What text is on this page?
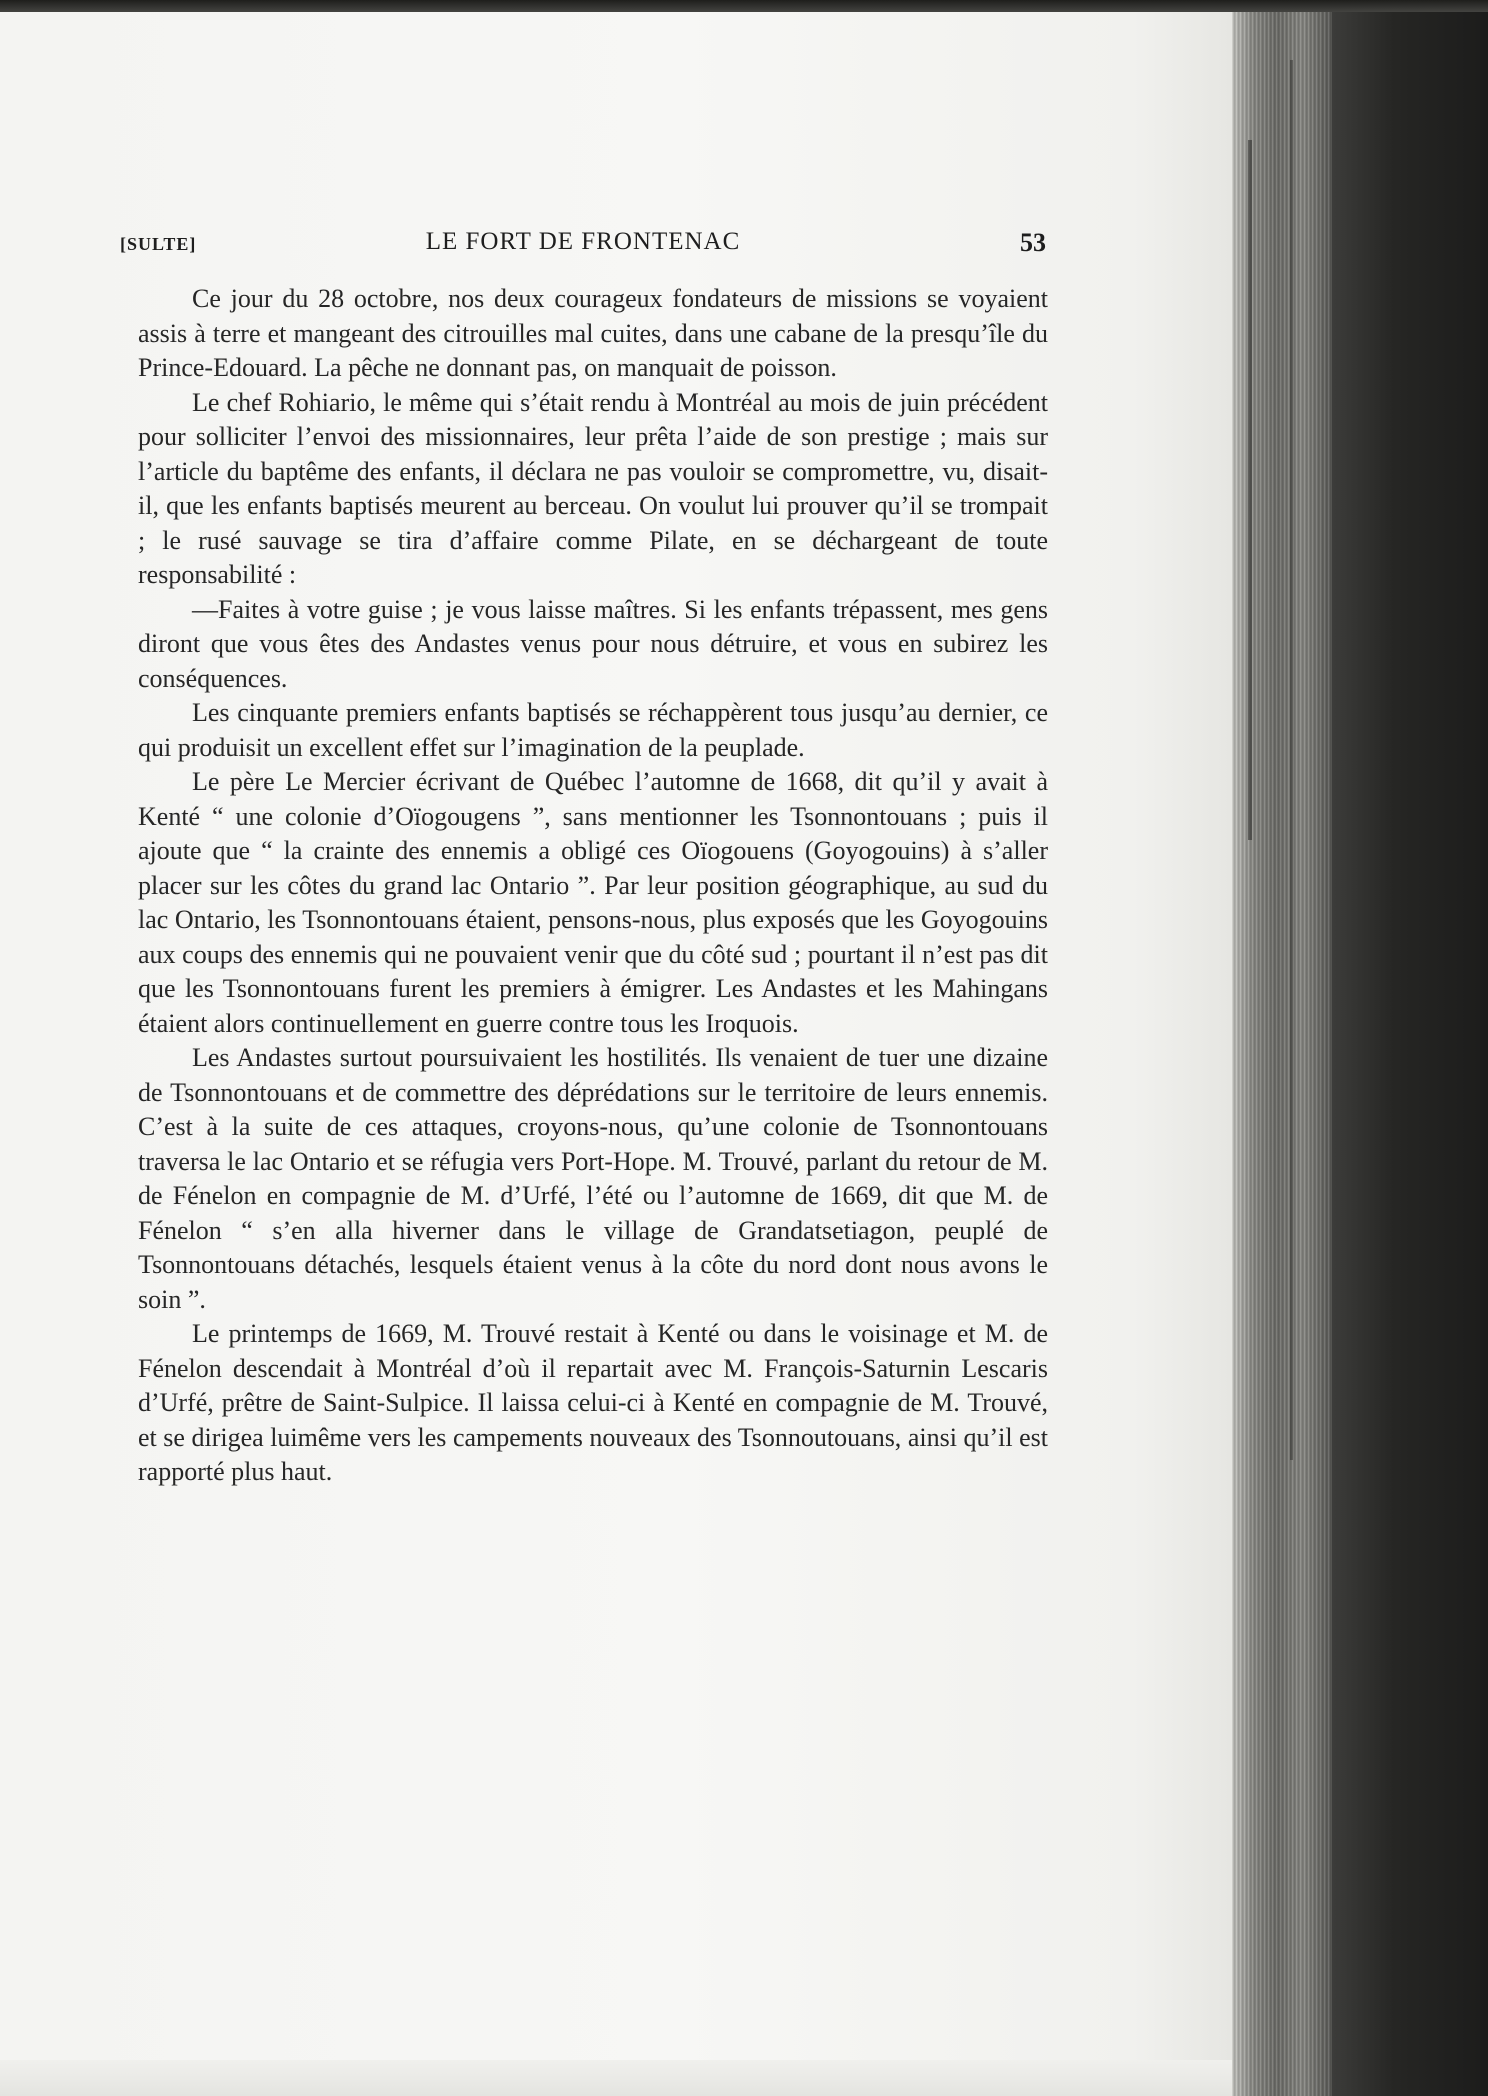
[SULTE]	LE FORT DE FRONTENAC	53

Ce jour du 28 octobre, nos deux courageux fondateurs de missions se voyaient assis à terre et mangeant des citrouilles mal cuites, dans une cabane de la presqu’île du Prince-Edouard. La pêche ne donnant pas, on manquait de poisson.

Le chef Rohiario, le même qui s’était rendu à Montréal au mois de juin précédent pour solliciter l’envoi des missionnaires, leur prêta l’aide de son prestige ; mais sur l’article du baptême des enfants, il déclara ne pas vouloir se compromettre, vu, disait-il, que les enfants baptisés meurent au berceau. On voulut lui prouver qu’il se trompait ; le rusé sauvage se tira d’affaire comme Pilate, en se déchargeant de toute responsabilité :

—Faites à votre guise ; je vous laisse maîtres. Si les enfants trépassent, mes gens diront que vous êtes des Andastes venus pour nous détruire, et vous en subirez les conséquences.

Les cinquante premiers enfants baptisés se réchappèrent tous jusqu’au dernier, ce qui produisit un excellent effet sur l’imagination de la peuplade.

Le père Le Mercier écrivant de Québec l’automne de 1668, dit qu’il y avait à Kenté “ une colonie d’Oïogougens ”, sans mentionner les Tsonnontouans ; puis il ajoute que “ la crainte des ennemis a obligé ces Oïogouens (Goyogouins) à s’aller placer sur les côtes du grand lac Ontario ”. Par leur position géographique, au sud du lac Ontario, les Tsonnontouans étaient, pensons-nous, plus exposés que les Goyogouins aux coups des ennemis qui ne pouvaient venir que du côté sud ; pourtant il n’est pas dit que les Tsonnontouans furent les premiers à émigrer. Les Andastes et les Mahingans étaient alors continuellement en guerre contre tous les Iroquois.

Les Andastes surtout poursuivaient les hostilités. Ils venaient de tuer une dizaine de Tsonnontouans et de commettre des déprédations sur le territoire de leurs ennemis. C’est à la suite de ces attaques, croyons-nous, qu’une colonie de Tsonnontouans traversa le lac Ontario et se réfugia vers Port-Hope. M. Trouvé, parlant du retour de M. de Fénelon en compagnie de M. d’Urfé, l’été ou l’automne de 1669, dit que M. de Fénelon “ s’en alla hiverner dans le village de Grandatsetiagon, peuplé de Tsonnontouans détachés, lesquels étaient venus à la côte du nord dont nous avons le soin ”.

Le printemps de 1669, M. Trouvé restait à Kenté ou dans le voisinage et M. de Fénelon descendait à Montréal d’où il repartait avec M. François-Saturnin Lescaris d’Urfé, prêtre de Saint-Sulpice. Il laissa celui-ci à Kenté en compagnie de M. Trouvé, et se dirigea luimême vers les campements nouveaux des Tsonnoutouans, ainsi qu’il est rapporté plus haut.
